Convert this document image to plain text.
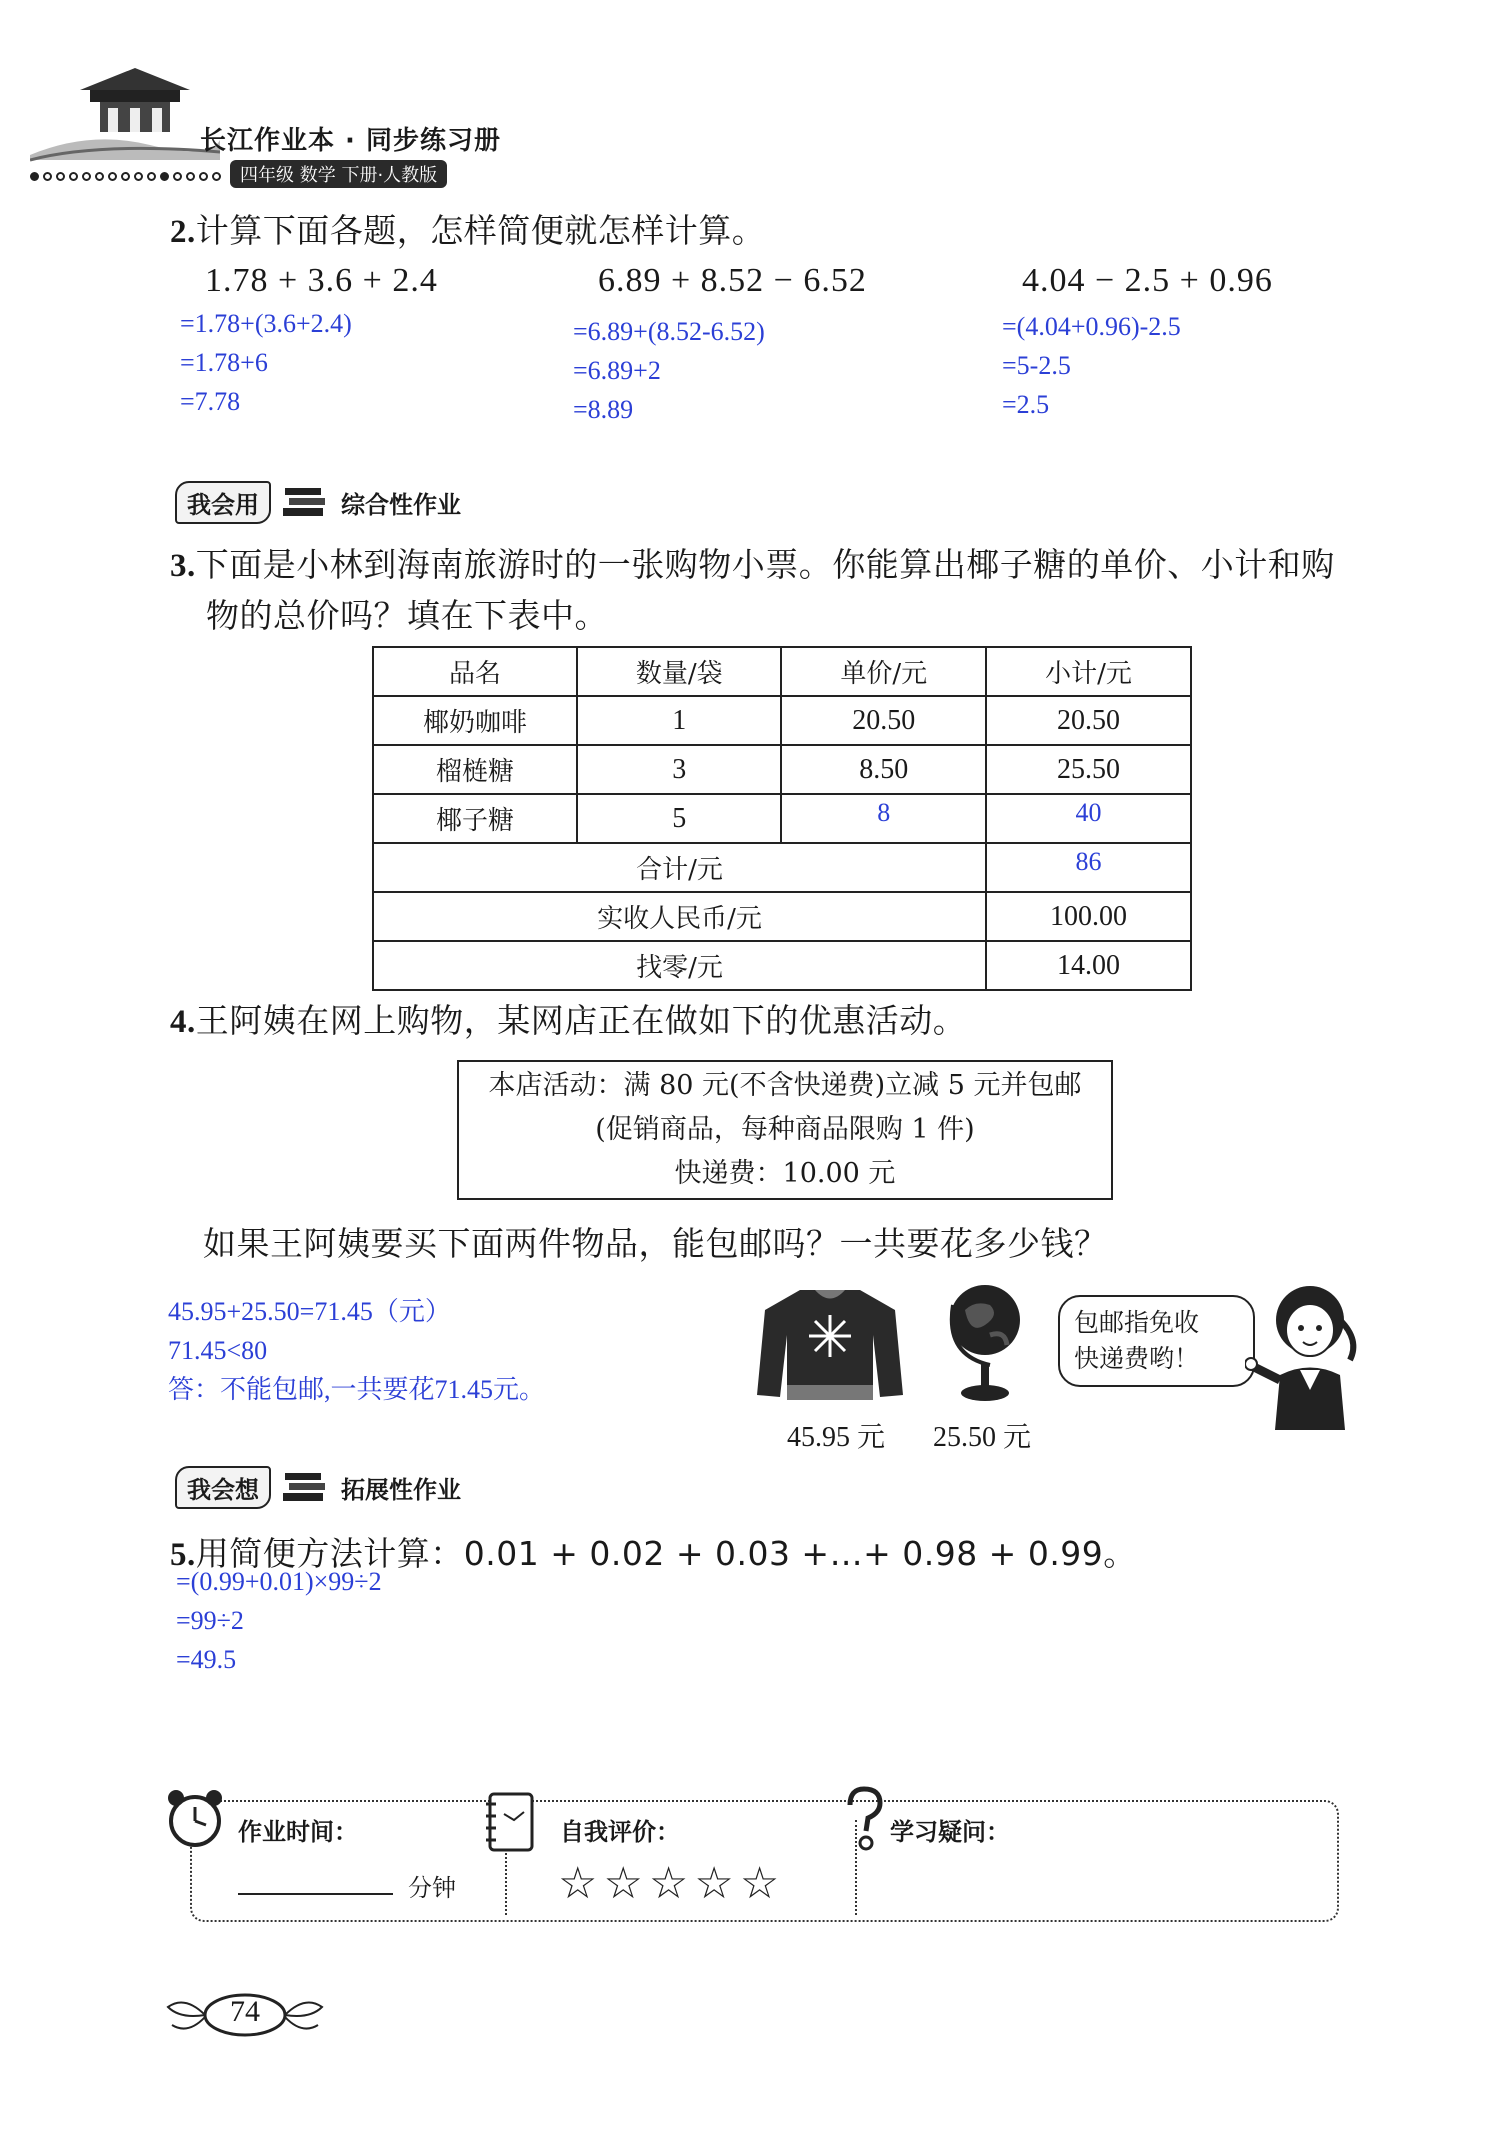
长江作业本 · 同步练习册
四年级 数学 下册·人教版
2.计算下面各题，怎样简便就怎样计算。
1.78 + 3.6 + 2.4	6.89 + 8.52 − 6.52	4.04 − 2.5 + 0.96
=1.78+(3.6+2.4)
=1.78+6
=7.78
=6.89+(8.52-6.52)
=6.89+2
=8.89
=(4.04+0.96)-2.5
=5-2.5
=2.5
我会用	综合性作业
3.下面是小林到海南旅游时的一张购物小票。你能算出椰子糖的单价、小计和购
物的总价吗？填在下表中。
品名	数量/袋	单价/元	小计/元
椰奶咖啡	1	20.50	20.50
榴梿糖	3	8.50	25.50
椰子糖	5	8	40
合计/元			86
实收人民币/元			100.00
找零/元			14.00
4.王阿姨在网上购物，某网店正在做如下的优惠活动。
本店活动：满 80 元(不含快递费)立减 5 元并包邮
(促销商品，每种商品限购 1 件)
快递费：10.00 元
如果王阿姨要买下面两件物品，能包邮吗？一共要花多少钱？
45.95+25.50=71.45（元）
71.45<80
答：不能包邮,一共要花71.45元。
45.95 元 25.50 元
包邮指免收
快递费哟！
我会想	拓展性作业
5.用简便方法计算：0.01 + 0.02 + 0.03 +…+ 0.98 + 0.99。
=(0.99+0.01)×99÷2
=99÷2
=49.5
作业时间：
分钟
自我评价：
☆ ☆ ☆ ☆ ☆
学习疑问：
74
